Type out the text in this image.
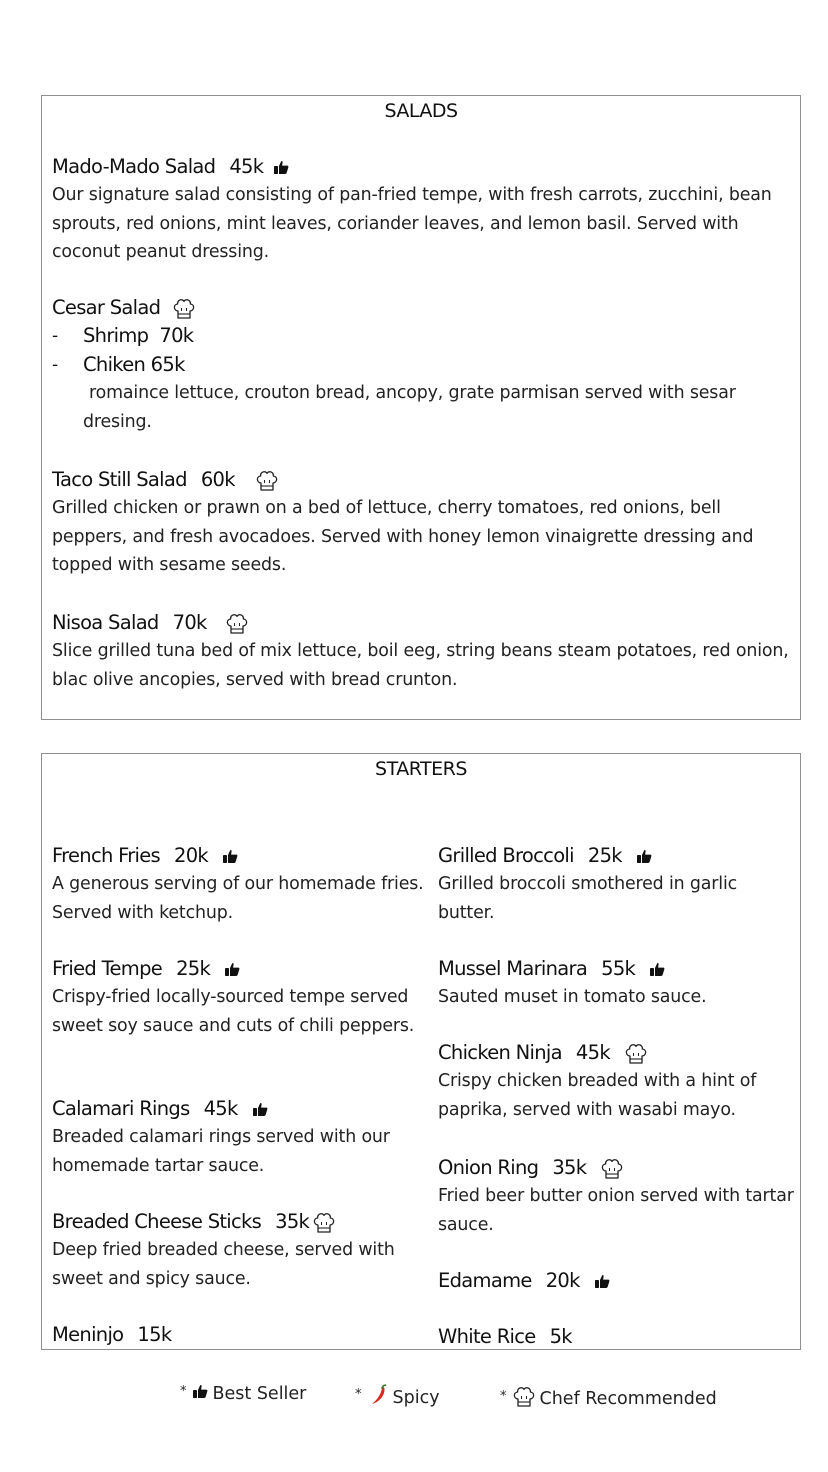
SALADS
Mado-Mado Salad 45k
Our signature salad consisting of pan-fried tempe, with fresh carrots, zucchini, bean sprouts, red onions, mint leaves, coriander leaves, and lemon basil. Served with coconut peanut dressing.
Cesar Salad
- Shrimp 70k
- Chiken 65k
romaince lettuce, crouton bread, ancopy, grate parmisan served with sesar dresing.
Taco Still Salad 60k
Grilled chicken or prawn on a bed of lettuce, cherry tomatoes, red onions, bell peppers, and fresh avocadoes. Served with honey lemon vinaigrette dressing and topped with sesame seeds.
Nisoa Salad 70k
Slice grilled tuna bed of mix lettuce, boil eeg, string beans steam potatoes, red onion, blac olive ancopies, served with bread crunton.
STARTERS
French Fries 20k
A generous serving of our homemade fries. Served with ketchup.
Fried Tempe 25k
Crispy-fried locally-sourced tempe served sweet soy sauce and cuts of chili peppers.
Calamari Rings 45k
Breaded calamari rings served with our homemade tartar sauce.
Breaded Cheese Sticks 35k
Deep fried breaded cheese, served with sweet and spicy sauce.
Meninjo 15k
Grilled Broccoli 25k
Grilled broccoli smothered in garlic butter.
Mussel Marinara 55k
Sauted muset in tomato sauce.
Chicken Ninja 45k
Crispy chicken breaded with a hint of paprika, served with wasabi mayo.
Onion Ring 35k
Fried beer butter onion served with tartar sauce.
Edamame 20k
White Rice 5k
* Best Seller	* Spicy	* Chef Recommended
